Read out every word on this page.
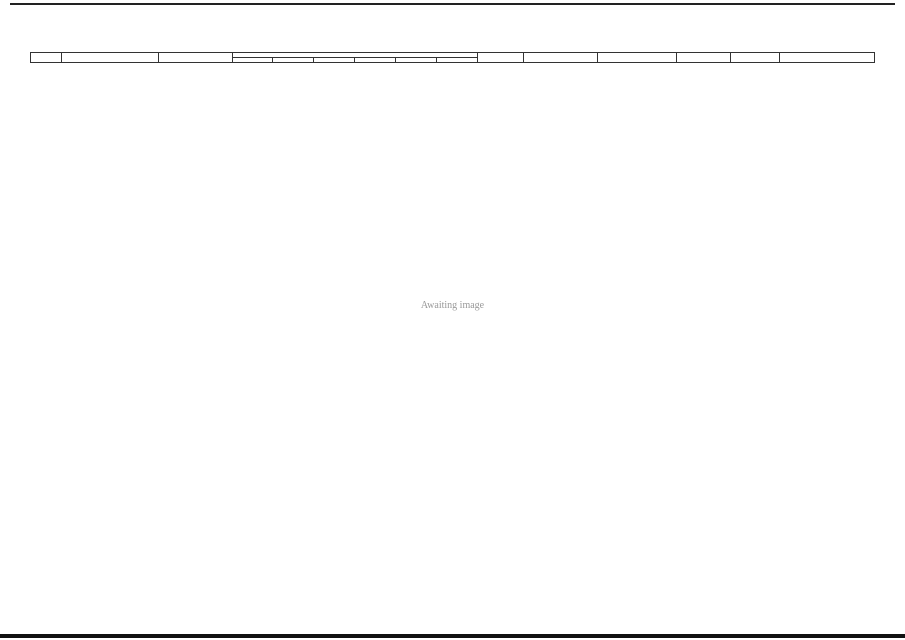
Awaiting image
